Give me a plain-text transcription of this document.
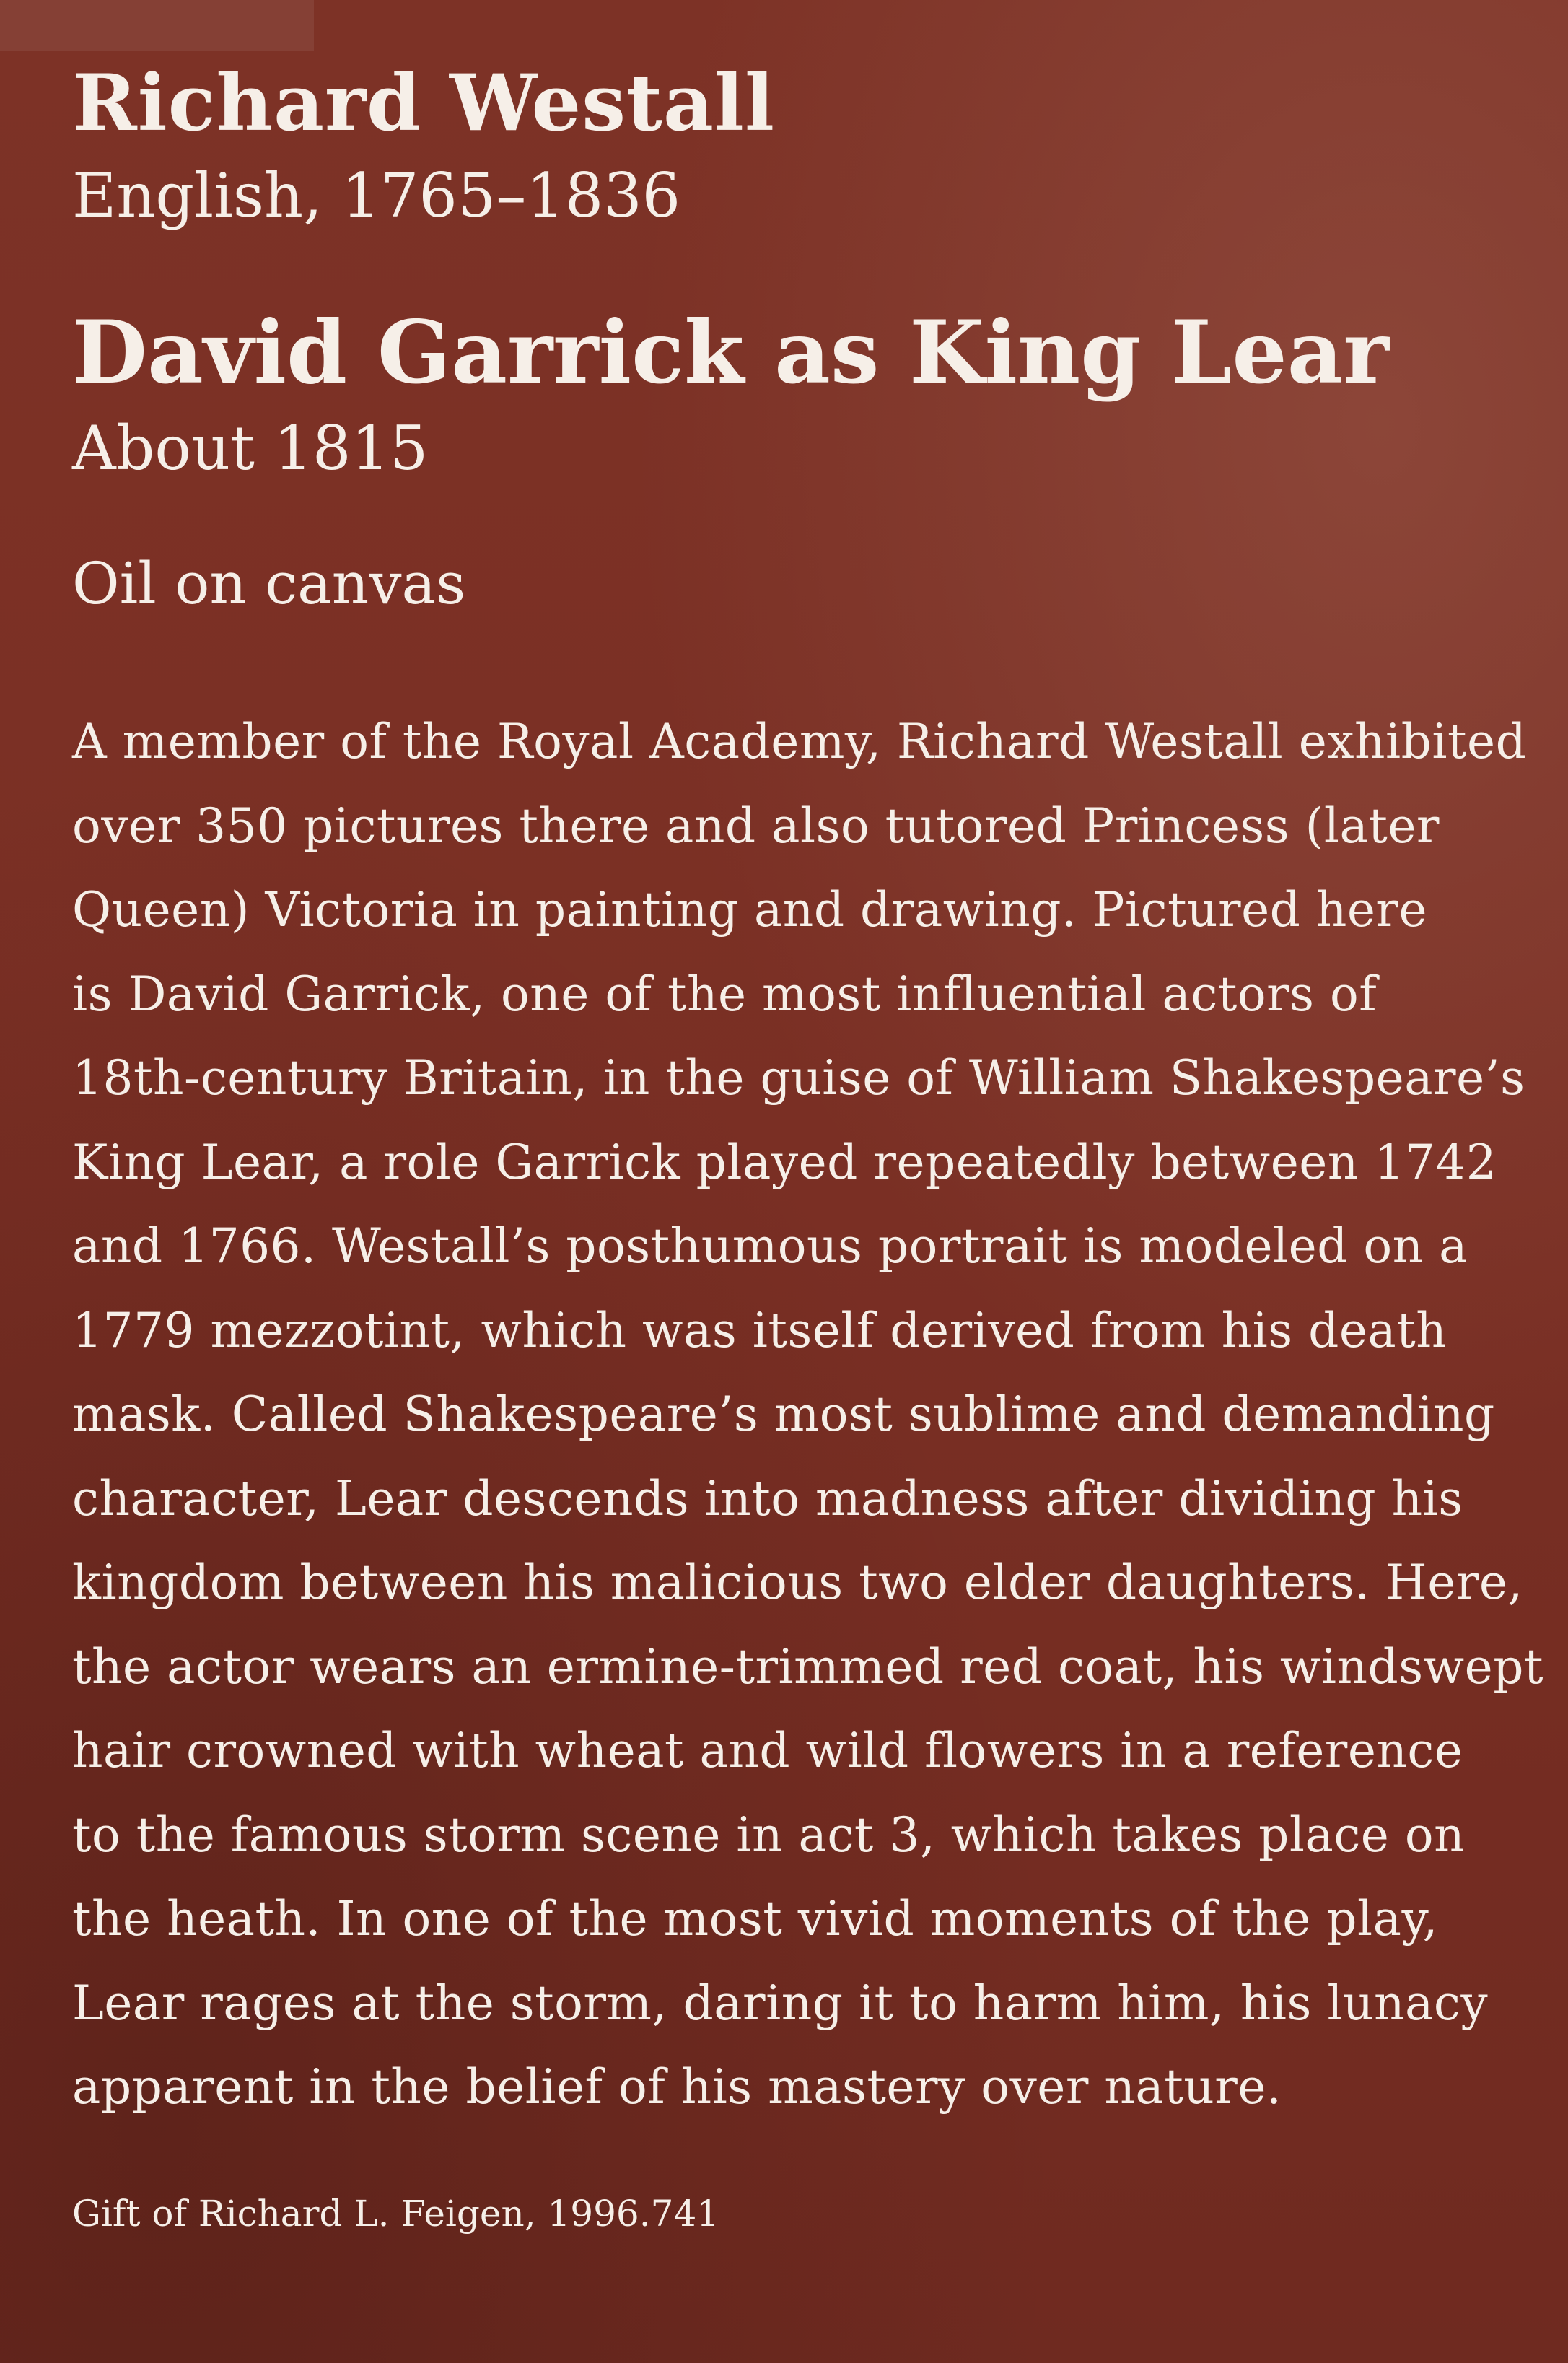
Richard Westall
English, 1765–1836
David Garrick as King Lear
About 1815
Oil on canvas
A member of the Royal Academy, Richard Westall exhibited
over 350 pictures there and also tutored Princess (later
Queen) Victoria in painting and drawing. Pictured here
is David Garrick, one of the most influential actors of
18th-century Britain, in the guise of William Shakespeare’s
King Lear, a role Garrick played repeatedly between 1742
and 1766. Westall’s posthumous portrait is modeled on a
1779 mezzotint, which was itself derived from his death
mask. Called Shakespeare’s most sublime and demanding
character, Lear descends into madness after dividing his
kingdom between his malicious two elder daughters. Here,
the actor wears an ermine-trimmed red coat, his windswept
hair crowned with wheat and wild flowers in a reference
to the famous storm scene in act 3, which takes place on
the heath. In one of the most vivid moments of the play,
Lear rages at the storm, daring it to harm him, his lunacy
apparent in the belief of his mastery over nature.
Gift of Richard L. Feigen, 1996.741
